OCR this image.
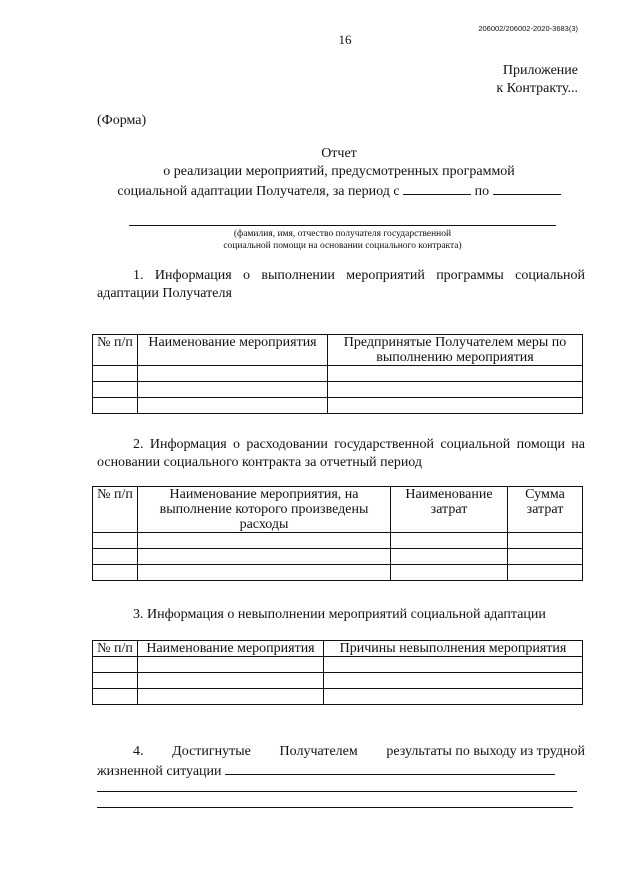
16
206002/206002-2020-3683(3)
Приложение
к Контракту...
(Форма)
Отчет
о реализации мероприятий, предусмотренных программой
социальной адаптации Получателя, за период с	по
(фамилия, имя, отчество получателя государственной
социальной помощи на основании социального контракта)
1. Информация о выполнении мероприятий программы социальной адаптации Получателя
№ п/п	Наименование мероприятия	Предпринятые Получателем меры по выполнению мероприятия

2. Информация о расходовании государственной социальной помощи на основании социального контракта за отчетный период
№ п/п	Наименование мероприятия, на выполнение которого произведены расходы	Наименование затрат	Сумма затрат

3. Информация о невыполнении мероприятий социальной адаптации
№ п/п	Наименование мероприятия	Причины невыполнения мероприятия

4. Достигнутые Получателем результаты по выходу из трудной
жизненной ситуации
